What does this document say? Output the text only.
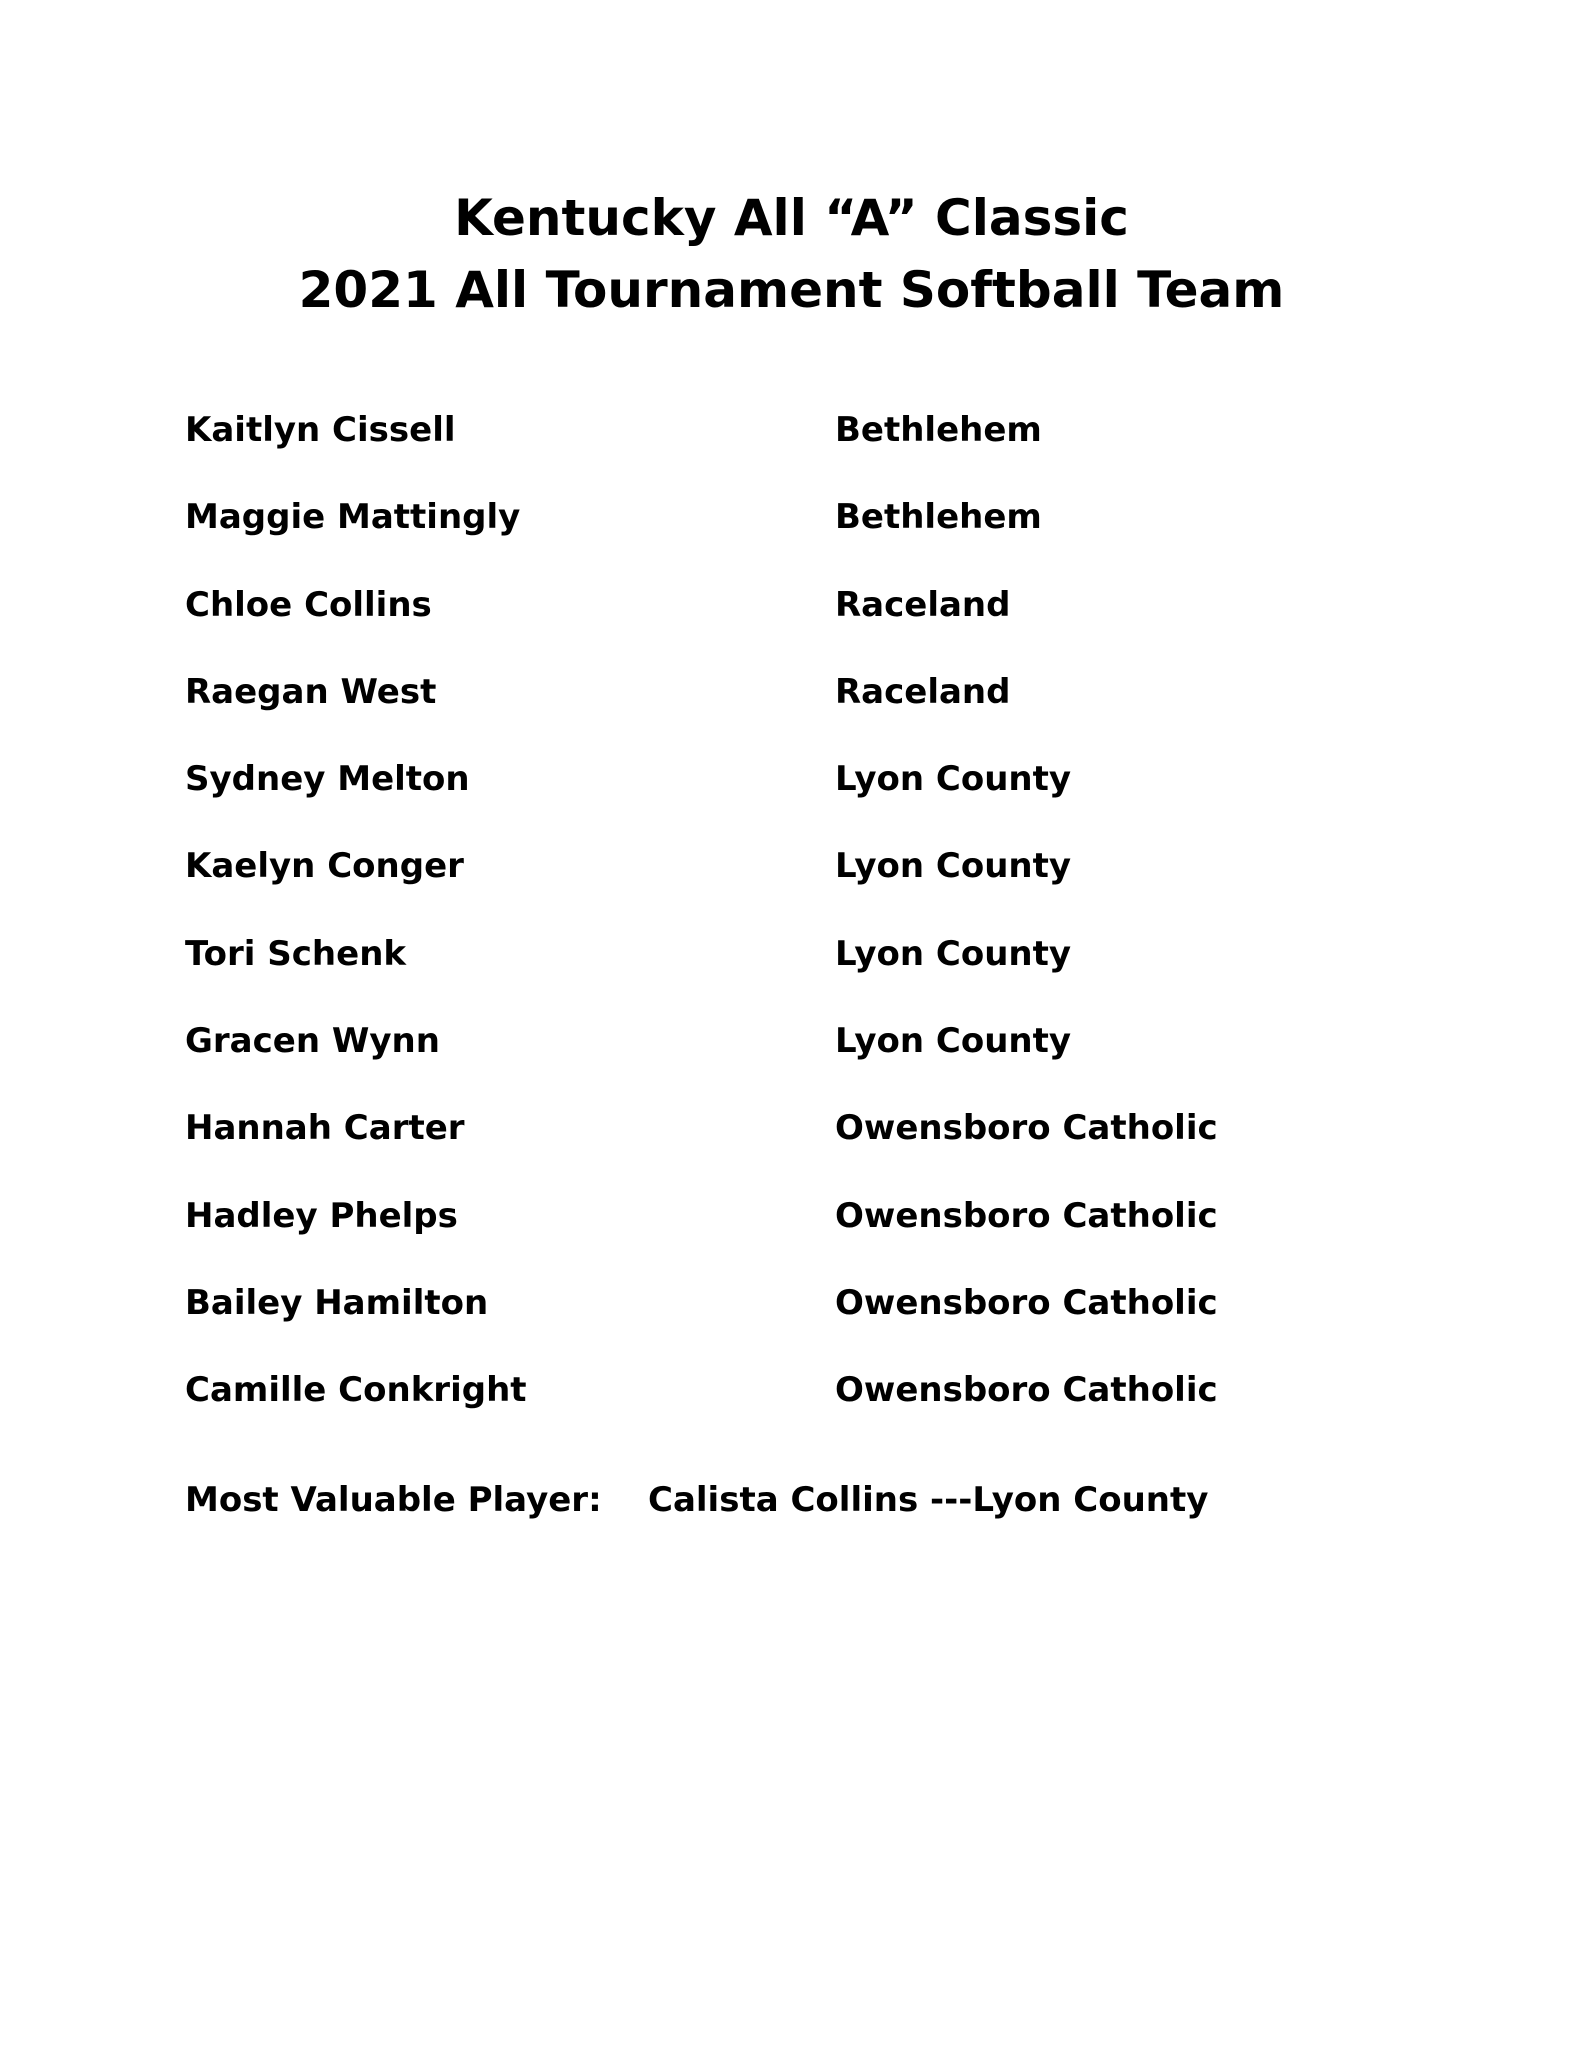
Kentucky All “A” Classic
2021 All Tournament Softball Team
Kaitlyn Cissell	Bethlehem
Maggie Mattingly	Bethlehem
Chloe Collins	Raceland
Raegan West	Raceland
Sydney Melton	Lyon County
Kaelyn Conger	Lyon County
Tori Schenk	Lyon County
Gracen Wynn	Lyon County
Hannah Carter	Owensboro Catholic
Hadley Phelps	Owensboro Catholic
Bailey Hamilton	Owensboro Catholic
Camille Conkright	Owensboro Catholic
Most Valuable Player: Calista Collins ---Lyon County
